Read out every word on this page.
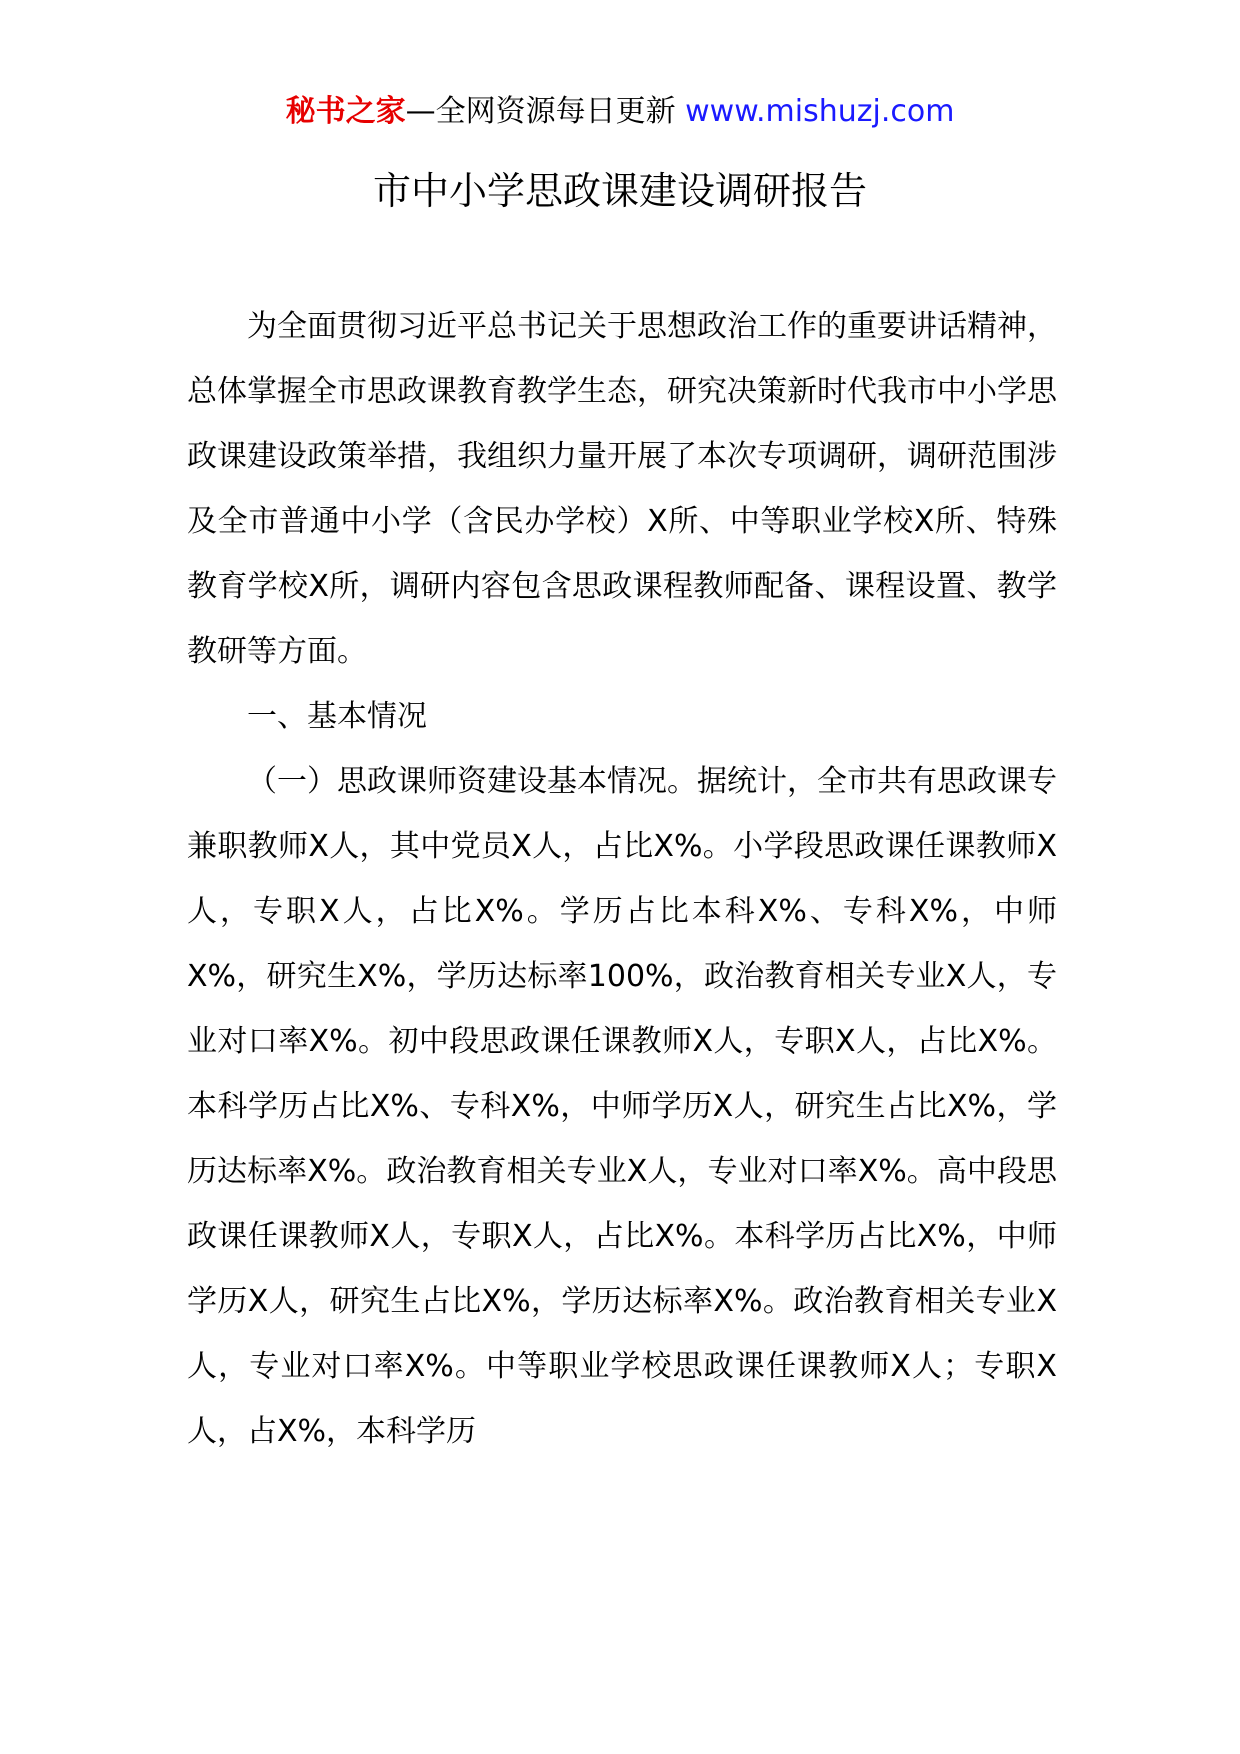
秘书之家—全网资源每日更新 www.mishuzj.com
市中小学思政课建设调研报告

为全面贯彻习近平总书记关于思想政治工作的重要讲话精神，总体掌握全市思政课教育教学生态，研究决策新时代我市中小学思政课建设政策举措，我组织力量开展了本次专项调研，调研范围涉及全市普通中小学（含民办学校）X所、中等职业学校X所、特殊教育学校X所，调研内容包含思政课程教师配备、课程设置、教学教研等方面。

一、基本情况

（一）思政课师资建设基本情况。据统计，全市共有思政课专兼职教师X人，其中党员X人，占比X%。小学段思政课任课教师X人，专职X人，占比X%。学历占比本科X%、专科X%，中师X%，研究生X%，学历达标率100%，政治教育相关专业X人，专业对口率X%。初中段思政课任课教师X人，专职X人，占比X%。本科学历占比X%、专科X%，中师学历X人，研究生占比X%，学历达标率X%。政治教育相关专业X人，专业对口率X%。高中段思政课任课教师X人，专职X人，占比X%。本科学历占比X%，中师学历X人，研究生占比X%，学历达标率X%。政治教育相关专业X人，专业对口率X%。中等职业学校思政课任课教师X人；专职X人，占X%，本科学历
